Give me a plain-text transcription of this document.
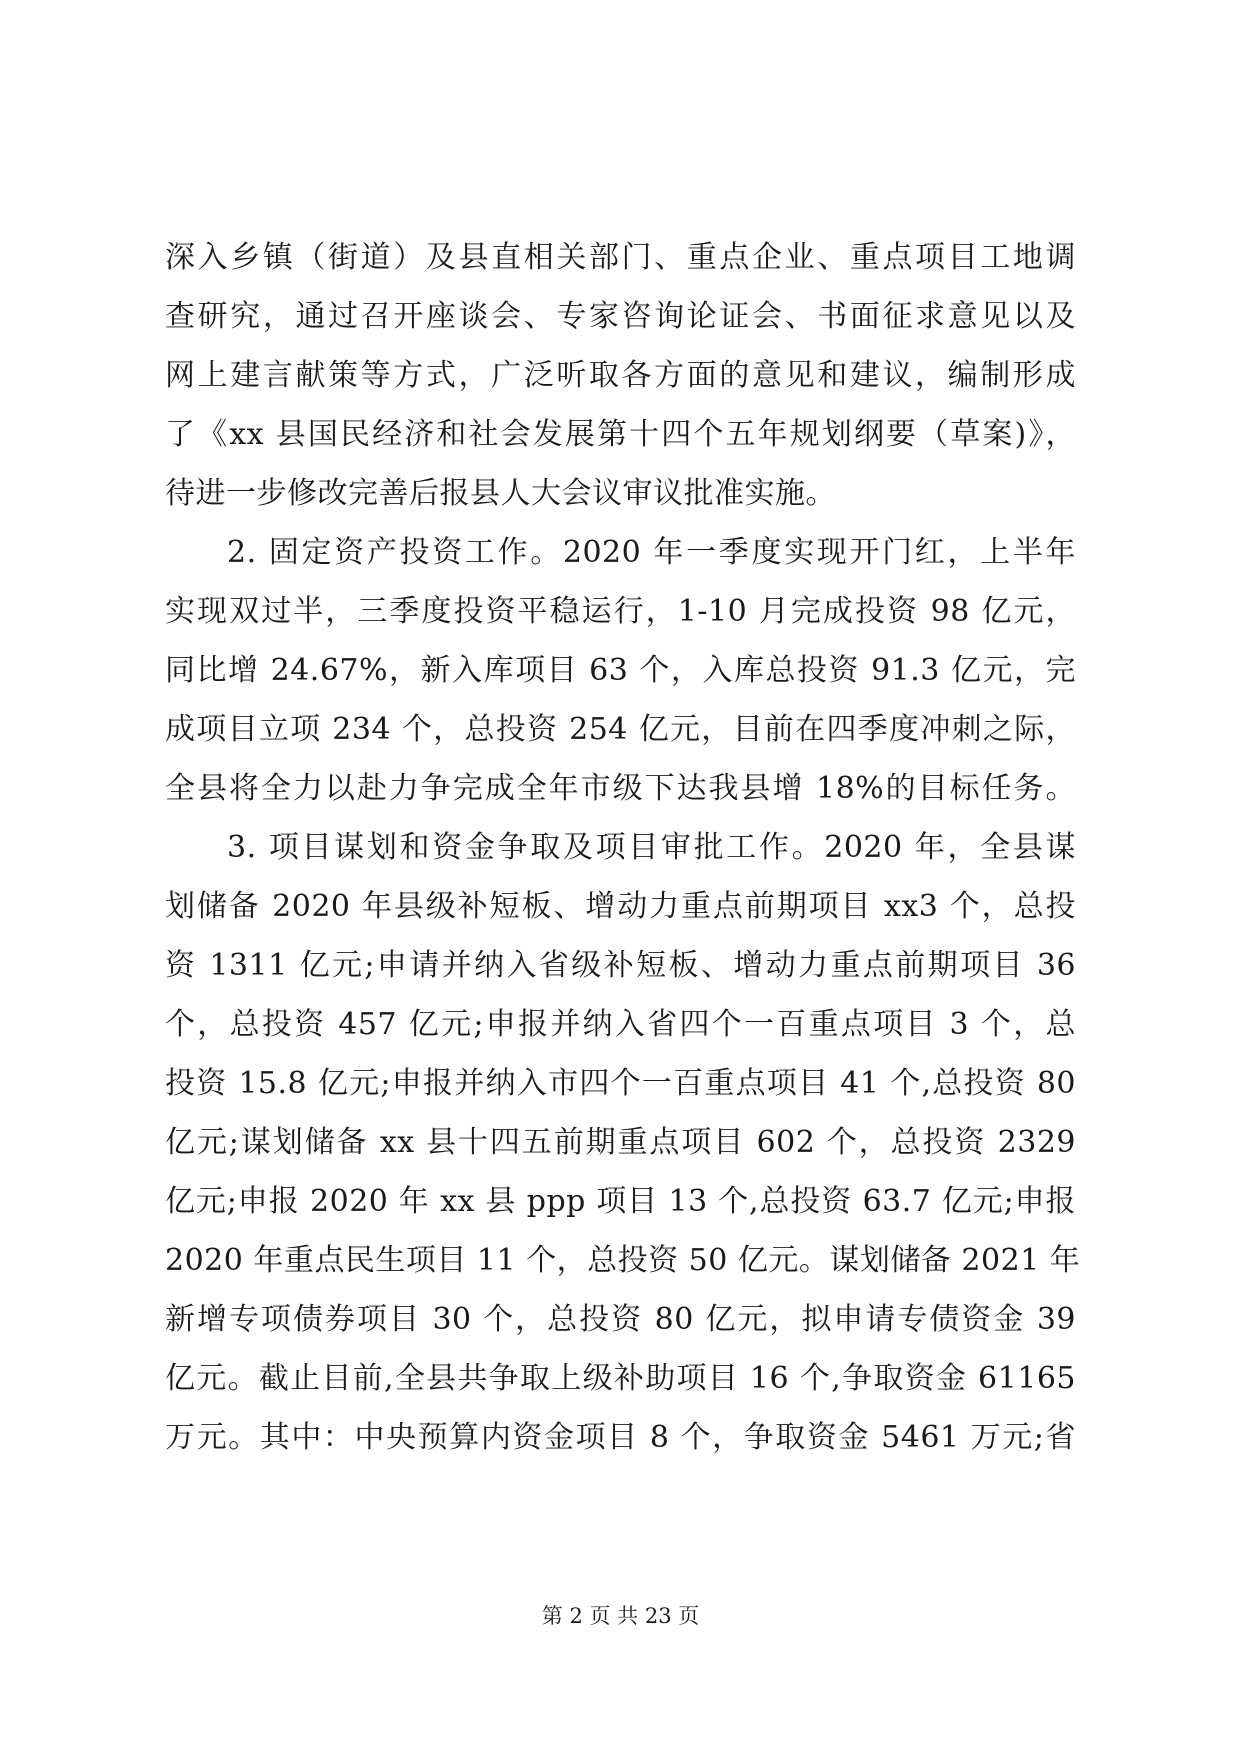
深入乡镇（街道）及县直相关部门、重点企业、重点项目工地调
查研究，通过召开座谈会、专家咨询论证会、书面征求意见以及
网上建言献策等方式，广泛听取各方面的意见和建议，编制形成
了《xx 县国民经济和社会发展第十四个五年规划纲要（草案)》，
待进一步修改完善后报县人大会议审议批准实施。
2. 固定资产投资工作。2020 年一季度实现开门红，上半年
实现双过半，三季度投资平稳运行，1-10 月完成投资 98 亿元，
同比增 24.67%，新入库项目 63 个，入库总投资 91.3 亿元，完
成项目立项 234 个，总投资 254 亿元，目前在四季度冲刺之际，
全县将全力以赴力争完成全年市级下达我县增 18%的目标任务。
3. 项目谋划和资金争取及项目审批工作。2020 年，全县谋
划储备 2020 年县级补短板、增动力重点前期项目 xx3 个，总投
资 1311 亿元;申请并纳入省级补短板、增动力重点前期项目 36
个，总投资 457 亿元;申报并纳入省四个一百重点项目 3 个，总
投资 15.8 亿元;申报并纳入市四个一百重点项目 41 个,总投资 80
亿元;谋划储备 xx 县十四五前期重点项目 602 个，总投资 2329
亿元;申报 2020 年 xx 县 ppp 项目 13 个,总投资 63.7 亿元;申报
2020 年重点民生项目 11 个，总投资 50 亿元。谋划储备 2021 年
新增专项债券项目 30 个，总投资 80 亿元，拟申请专债资金 39
亿元。截止目前,全县共争取上级补助项目 16 个,争取资金 61165
万元。其中：中央预算内资金项目 8 个，争取资金 5461 万元;省
第 2 页 共 23 页
